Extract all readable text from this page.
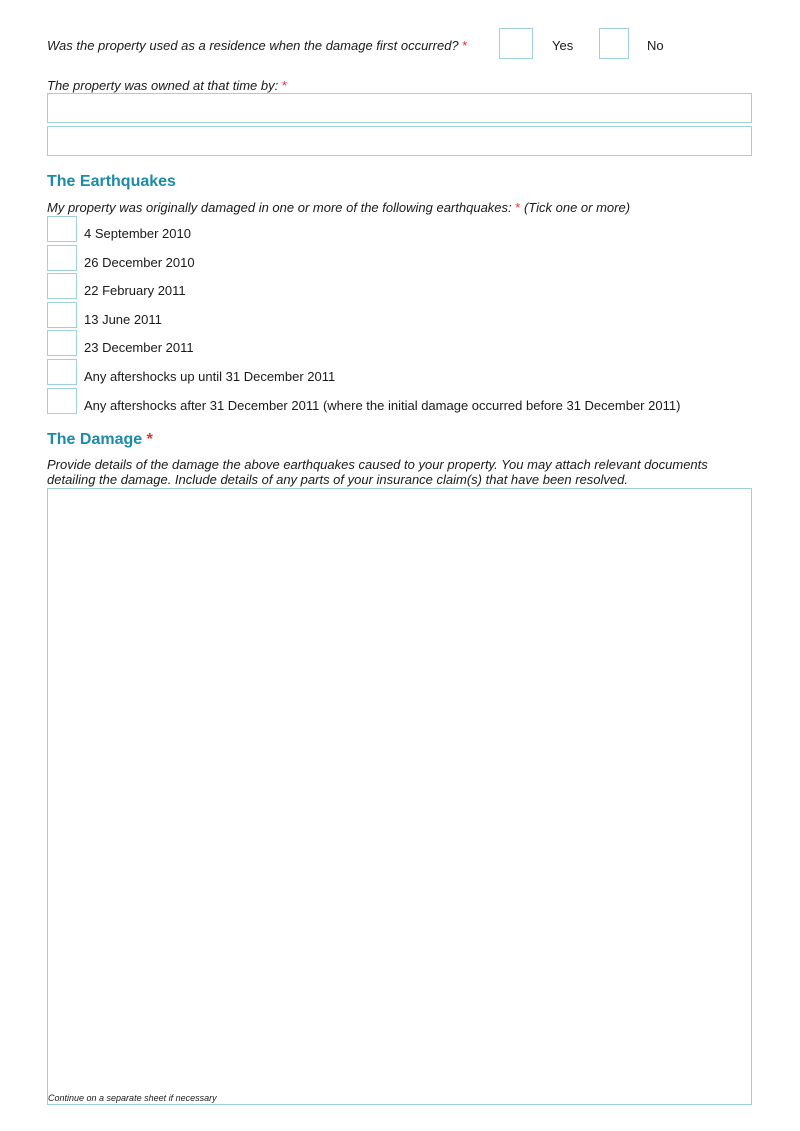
Was the property used as a residence when the damage first occurred? *	Yes	No
The property was owned at that time by: *
The Earthquakes
My property was originally damaged in one or more of the following earthquakes: * (Tick one or more)
4 September 2010
26 December 2010
22 February 2011
13 June 2011
23 December 2011
Any aftershocks up until 31 December 2011
Any aftershocks after 31 December 2011 (where the initial damage occurred before 31 December 2011)
The Damage *
Provide details of the damage the above earthquakes caused to your property. You may attach relevant documents
detailing the damage. Include details of any parts of your insurance claim(s) that have been resolved.
Continue on a separate sheet if necessary
